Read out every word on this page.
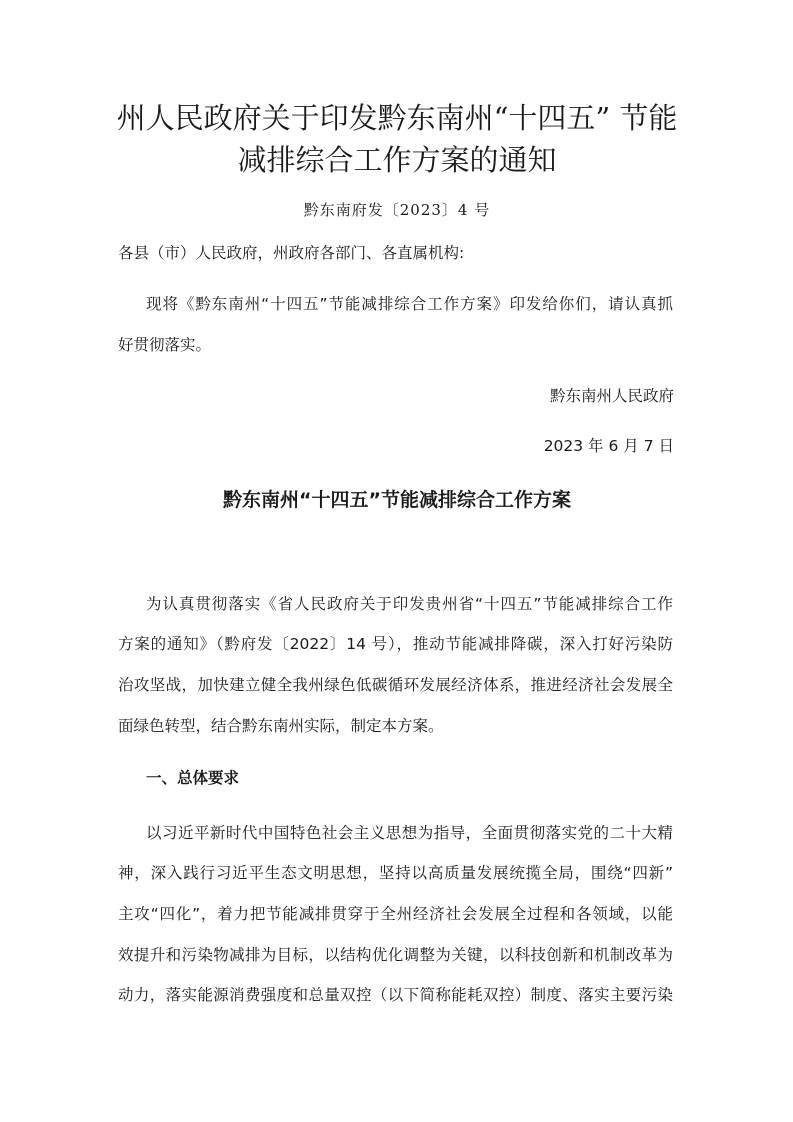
州人民政府关于印发黔东南州“十四五” 节能
减排综合工作方案的通知
黔东南府发〔2023〕4 号

各县（市）人民政府，州政府各部门、各直属机构:

现将《黔东南州“十四五”节能减排综合工作方案》印发给你们，请认真抓

好贯彻落实。

黔东南州人民政府

2023 年 6 月 7 日

黔东南州“十四五”节能减排综合工作方案

为认真贯彻落实《省人民政府关于印发贵州省“十四五”节能减排综合工作

方案的通知》（黔府发〔2022〕14 号），推动节能减排降碳，深入打好污染防

治攻坚战，加快建立健全我州绿色低碳循环发展经济体系，推进经济社会发展全

面绿色转型，结合黔东南州实际，制定本方案。

一、总体要求

以习近平新时代中国特色社会主义思想为指导，全面贯彻落实党的二十大精

神，深入践行习近平生态文明思想，坚持以高质量发展统揽全局，围绕“四新”

主攻“四化”，着力把节能减排贯穿于全州经济社会发展全过程和各领域，以能

效提升和污染物减排为目标，以结构优化调整为关键，以科技创新和机制改革为

动力，落实能源消费强度和总量双控（以下简称能耗双控）制度、落实主要污染
